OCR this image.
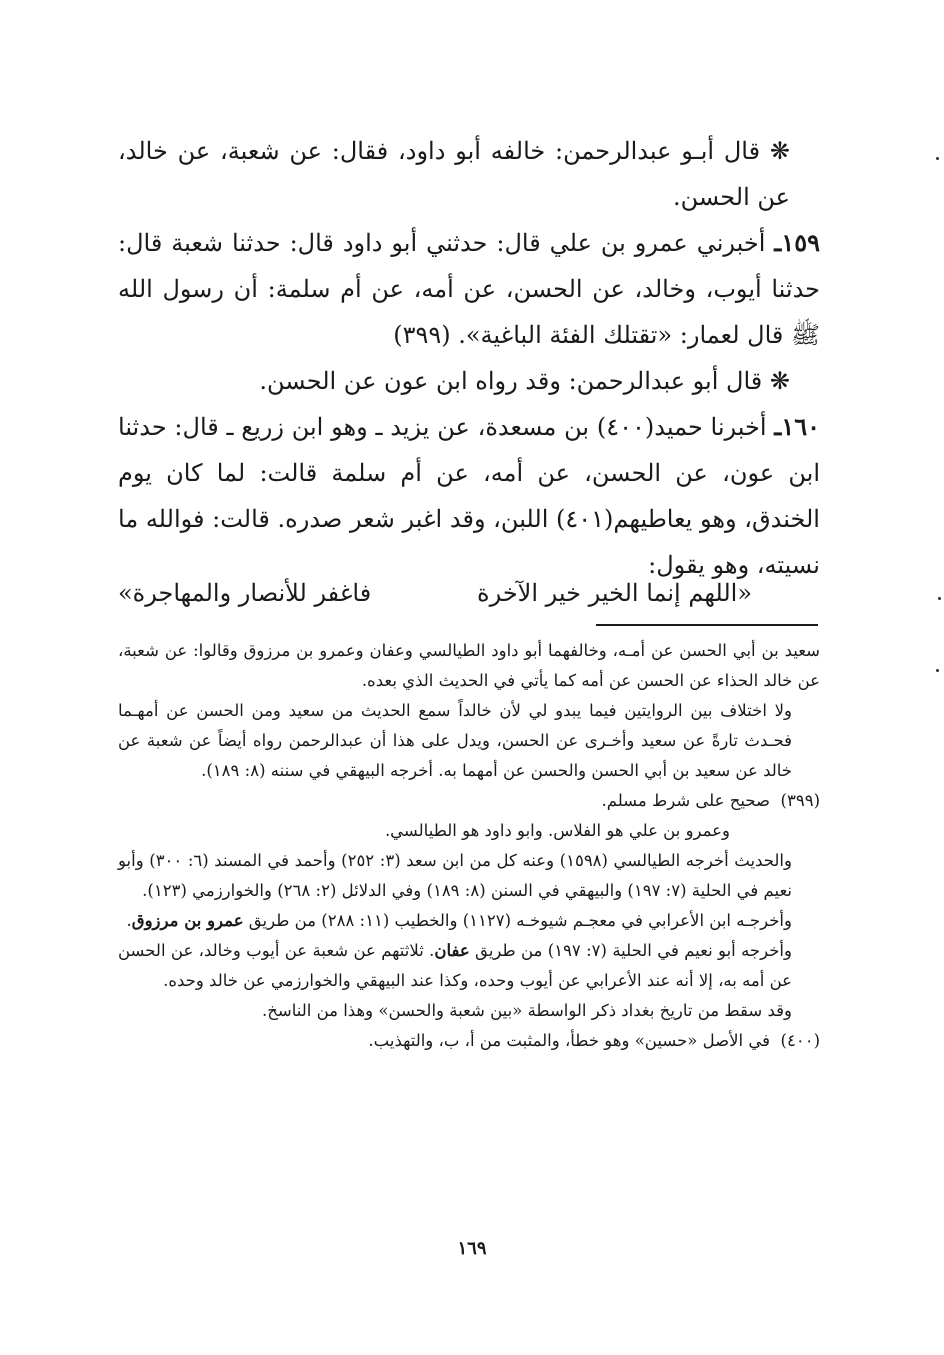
❋ قال أبـو عبدالرحمن: خالفه أبو داود، فقال: عن شعبة، عن خالد، عن الحسن.

١٥٩ـ أخبرني عمرو بن علي قال: حدثني أبو داود قال: حدثنا شعبة قال: حدثنا أيوب، وخالد، عن الحسن، عن أمه، عن أم سلمة: أن رسول الله ﷺ قال لعمار: «تقتلك الفئة الباغية». (٣٩٩)

❋ قال أبو عبدالرحمن: وقد رواه ابن عون عن الحسن.

١٦٠ـ أخبرنا حميد(٤٠٠) بن مسعدة، عن يزيد ـ وهو ابن زريع ـ قال: حدثنا ابن عون، عن الحسن، عن أمه، عن أم سلمة قالت: لما كان يوم الخندق، وهو يعاطيهم(٤٠١) اللبن، وقد اغبر شعر صدره. قالت: فوالله ما نسيته، وهو يقول:

«اللهم إنما الخير خير الآخرة
فاغفر للأنصار والمهاجرة»

سعيد بن أبي الحسن عن أمـه، وخالفهما أبو داود الطيالسي وعفان وعمرو بن مرزوق وقالوا: عن شعبة، عن خالد الحذاء عن الحسن عن أمه كما يأتي في الحديث الذي بعده.

ولا اختلاف بين الروايتين فيما يبدو لي لأن خالداً سمع الحديث من سعيد ومن الحسن عن أمهـما فحـدث تارةً عن سعيد وأخـرى عن الحسن، ويدل على هذا أن عبدالرحمن رواه أيضاً عن شعبة عن خالد عن سعيد بن أبي الحسن والحسن عن أمهما به. أخرجه البيهقي في سننه (٨: ١٨٩).

(٣٩٩)
صحيح على شرط مسلم.

وعمرو بن علي هو الفلاس. وابو داود هو الطيالسي.

والحديث أخرجه الطيالسي (١٥٩٨) وعنه كل من ابن سعد (٣: ٢٥٢) وأحمد في المسند (٦: ٣٠٠) وأبو نعيم في الحلية (٧: ١٩٧) والبيهقي في السنن (٨: ١٨٩) وفي الدلائل (٢: ٢٦٨) والخوارزمي (١٢٣).

وأخرجـه ابن الأعرابي في معجـم شيوخـه (١١٢٧) والخطيب (١١: ٢٨٨) من طريق عمرو بن مرزوق.

وأخرجه أبو نعيم في الحلية (٧: ١٩٧) من طريق عفان. ثلاثتهم عن شعبة عن أيوب وخالد، عن الحسن عن أمه به، إلا أنه عند الأعرابي عن أيوب وحده، وكذا عند البيهقي والخوارزمي عن خالد وحده.

وقد سقط من تاريخ بغداد ذكر الواسطة «بين شعبة والحسن» وهذا من الناسخ.

(٤٠٠)
في الأصل «حسين» وهو خطأ، والمثبت من أ، ب، والتهذيب.
١٦٩
